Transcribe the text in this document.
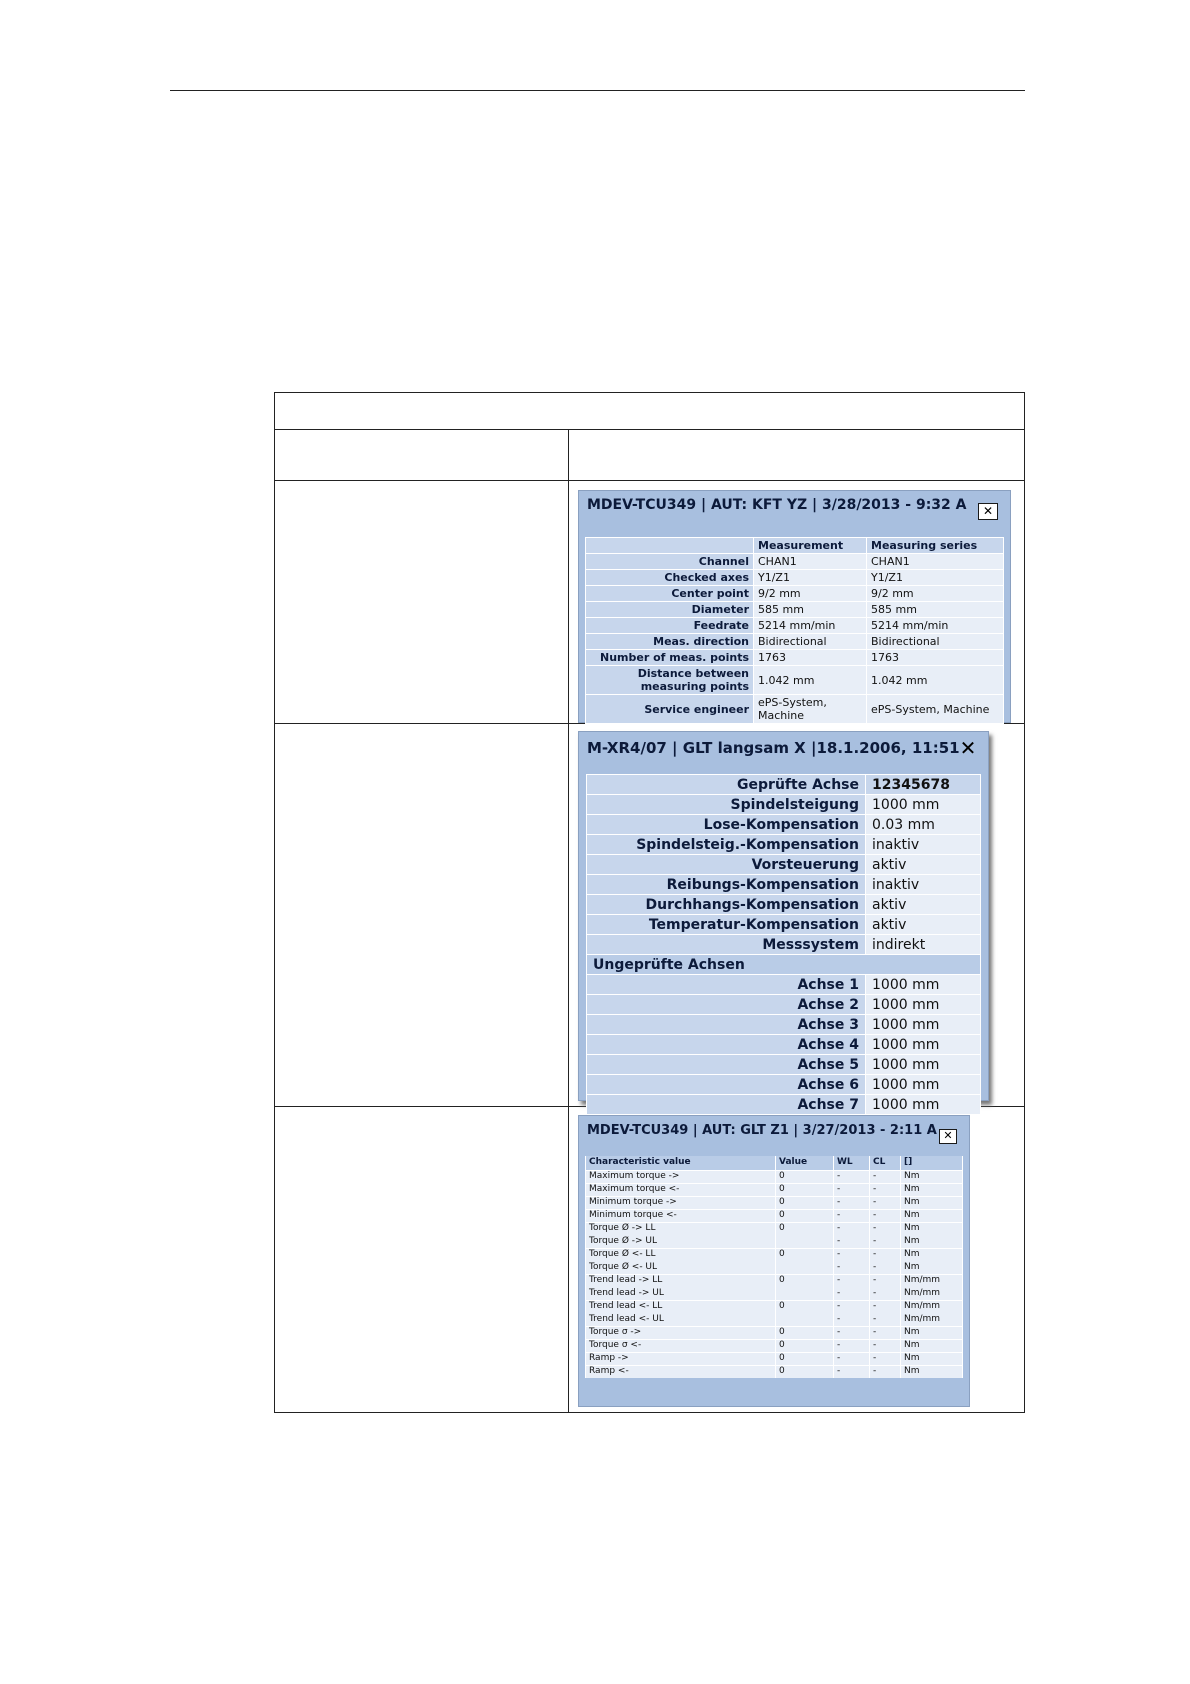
MDEV-TCU349 | AUT: KFT YZ | 3/28/2013 - 9:32 A	✕
	Measurement	Measuring series
Channel	CHAN1	CHAN1
Checked axes	Y1/Z1	Y1/Z1
Center point	9/2 mm	9/2 mm
Diameter	585 mm	585 mm
Feedrate	5214 mm/min	5214 mm/min
Meas. direction	Bidirectional	Bidirectional
Number of meas. points	1763	1763
Distance between measuring points	1.042 mm	1.042 mm
Service engineer	ePS-System, Machine	ePS-System, Machine
M-XR4/07 | GLT langsam X |18.1.2006, 11:51 ✕
Geprüfte Achse	12345678
Spindelsteigung	1000 mm
Lose-Kompensation	0.03 mm
Spindelsteig.-Kompensation	inaktiv
Vorsteuerung	aktiv
Reibungs-Kompensation	inaktiv
Durchhangs-Kompensation	aktiv
Temperatur-Kompensation	aktiv
Messsystem	indirekt
Ungeprüfte Achsen	
Achse 1	1000 mm
Achse 2	1000 mm
Achse 3	1000 mm
Achse 4	1000 mm
Achse 5	1000 mm
Achse 6	1000 mm
Achse 7	1000 mm
MDEV-TCU349 | AUT: GLT Z1 | 3/27/2013 - 2:11 A ✕
Characteristic value	Value	WL	CL	[]
Maximum torque ->	0	-	-	Nm
Maximum torque <-	0	-	-	Nm
Minimum torque ->	0	-	-	Nm
Minimum torque <-	0	-	-	Nm
Torque Ø -> LL	0	-	-	Nm
Torque Ø -> UL		-	-	Nm
Torque Ø <- LL	0	-	-	Nm
Torque Ø <- UL		-	-	Nm
Trend lead -> LL	0	-	-	Nm/mm
Trend lead -> UL		-	-	Nm/mm
Trend lead <- LL	0	-	-	Nm/mm
Trend lead <- UL		-	-	Nm/mm
Torque σ ->	0	-	-	Nm
Torque σ <-	0	-	-	Nm
Ramp ->	0	-	-	Nm
Ramp <-	0	-	-	Nm
